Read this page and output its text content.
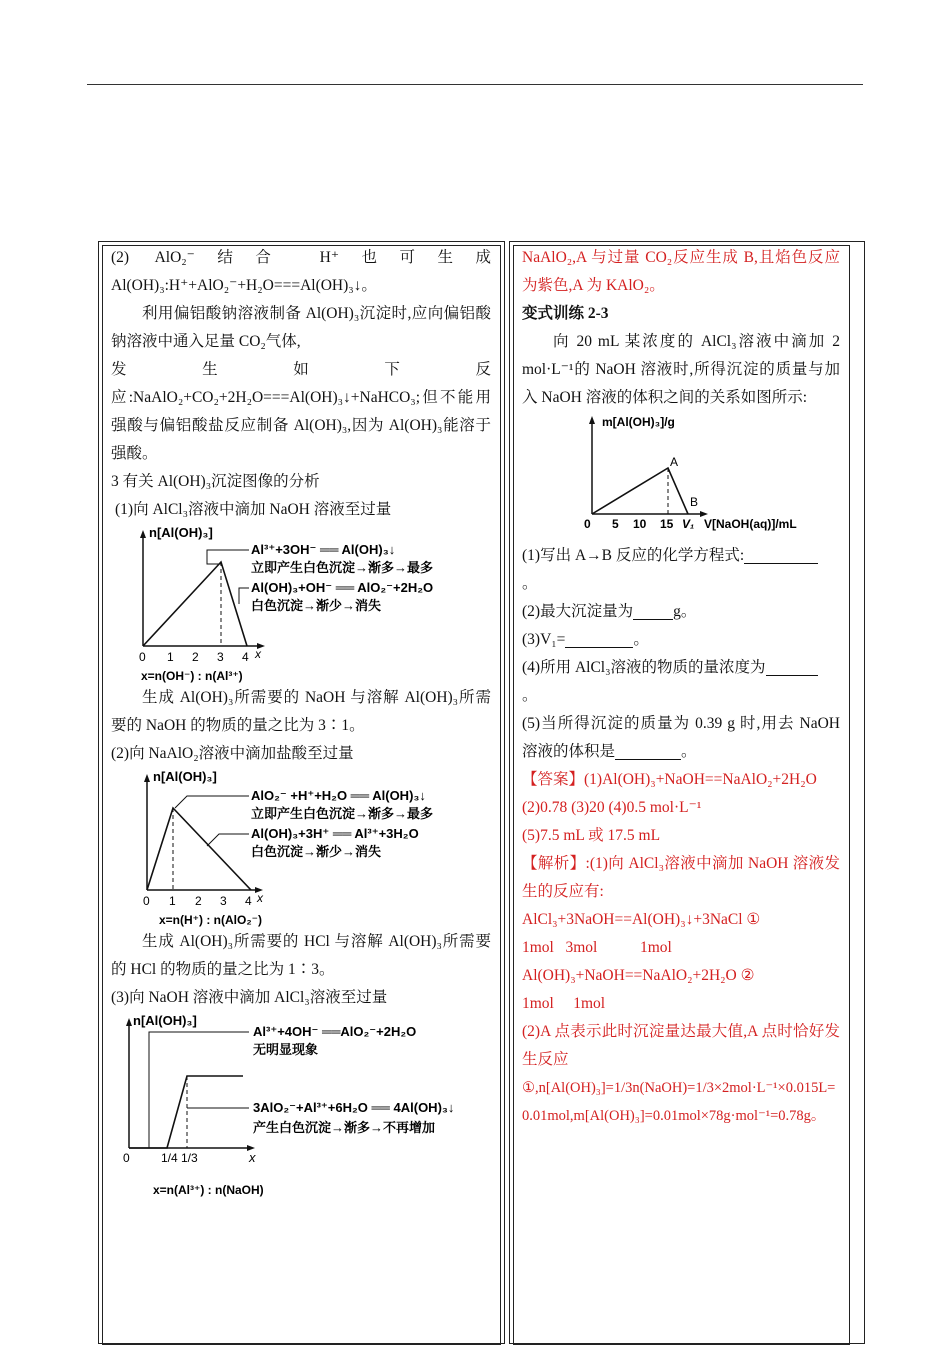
(2) AlO₂⁻结合 H⁺也可生成 Al(OH)₃:H⁺+AlO₂⁻+H₂O===Al(OH)₃↓。

利用偏铝酸钠溶液制备 Al(OH)₃沉淀时,应向偏铝酸钠溶液中通入足量 CO₂气体,

发生如下反应:NaAlO₂+CO₂+2H₂O===Al(OH)₃↓+NaHCO₃;但不能用强酸与偏铝酸盐反应制备 Al(OH)₃,因为 Al(OH)₃能溶于强酸。

3 有关 Al(OH)₃沉淀图像的分析

(1)向 AlCl₃溶液中滴加 NaOH 溶液至过量

n[Al(OH)₃]
0 1 2 3 4 x
x=n(OH⁻) : n(Al³⁺)
Al³⁺+3OH⁻ ══ Al(OH)₃↓
立即产生白色沉淀→渐多→最多
Al(OH)₃+OH⁻ ══ AlO₂⁻+2H₂O
白色沉淀→渐少→消失

生成 Al(OH)₃所需要的 NaOH 与溶解 Al(OH)₃所需要的 NaOH 的物质的量之比为 3∶1。

(2)向 NaAlO₂溶液中滴加盐酸至过量

n[Al(OH)₃]
0 1 2 3 4 x
x=n(H⁺) : n(AlO₂⁻)
AlO₂⁻ +H⁺+H₂O ══ Al(OH)₃↓
立即产生白色沉淀→渐多→最多
Al(OH)₃+3H⁺ ══ Al³⁺+3H₂O
白色沉淀→渐少→消失

生成 Al(OH)₃所需要的 HCl 与溶解 Al(OH)₃所需要的 HCl 的物质的量之比为 1∶3。

(3)向 NaOH 溶液中滴加 AlCl₃溶液至过量

n[Al(OH)₃]
0	1/4 1/3	x
x=n(Al³⁺) : n(NaOH)
Al³⁺+4OH⁻ ══AlO₂⁻+2H₂O
无明显现象
3AlO₂⁻+Al³⁺+6H₂O ══ 4Al(OH)₃↓
产生白色沉淀→渐多→不再增加

NaAlO₂,A 与过量 CO₂反应生成 B,且焰色反应为紫色,A 为 KAlO₂。

变式训练 2-3

向 20 mL 某浓度的 AlCl₃溶液中滴加 2 mol·L⁻¹的 NaOH 溶液时,所得沉淀的质量与加入 NaOH 溶液的体积之间的关系如图所示:

m[Al(OH)₃]/g
A
B
0 5 10 15 V₁ V[NaOH(aq)]/mL

(1)写出 A→B 反应的化学方程式:
。

(2)最大沉淀量为	g。

(3)V₁=	。

(4)所用 AlCl₃溶液的物质的量浓度为
。

(5)当所得沉淀的质量为 0.39 g 时,用去 NaOH 溶液的体积是	。

【答案】(1)Al(OH)₃+NaOH==NaAlO₂+2H₂O

(2)0.78 (3)20 (4)0.5 mol·L⁻¹

(5)7.5 mL 或 17.5 mL

【解析】:(1)向 AlCl₃溶液中滴加 NaOH 溶液发生的反应有:

AlCl₃+3NaOH==Al(OH)₃↓+3NaCl ①

1mol   3mol           1mol

Al(OH)₃+NaOH==NaAlO₂+2H₂O ②

1mol     1mol

(2)A 点表示此时沉淀量达最大值,A 点时恰好发生反应

①,n[Al(OH)₃]=1/3n(NaOH)=1/3×2mol·L⁻¹×0.015L=0.01mol,m[Al(OH)₃]=0.01mol×78g·mol⁻¹=0.78g。
